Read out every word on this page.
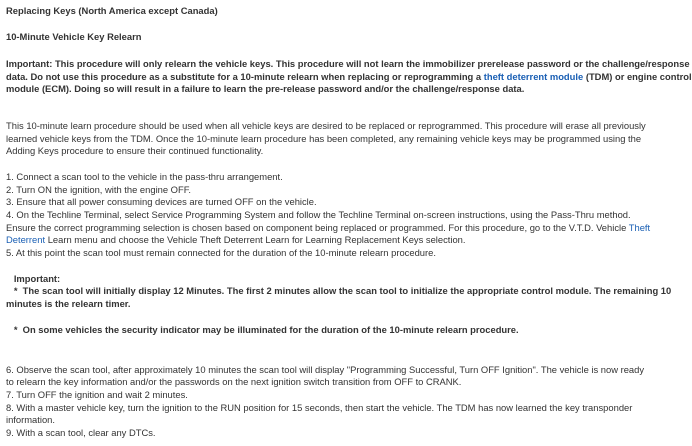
Replacing Keys (North America except Canada)
10-Minute Vehicle Key Relearn
Important: This procedure will only relearn the vehicle keys. This procedure will not learn the immobilizer prerelease password or the challenge/response
data. Do not use this procedure as a substitute for a 10-minute relearn when replacing or reprogramming a theft deterrent module (TDM) or engine control
module (ECM). Doing so will result in a failure to learn the pre-release password and/or the challenge/response data.
This 10-minute learn procedure should be used when all vehicle keys are desired to be replaced or reprogrammed. This procedure will erase all previously
learned vehicle keys from the TDM. Once the 10-minute learn procedure has been completed, any remaining vehicle keys may be programmed using the
Adding Keys procedure to ensure their continued functionality.
1. Connect a scan tool to the vehicle in the pass-thru arrangement.
2. Turn ON the ignition, with the engine OFF.
3. Ensure that all power consuming devices are turned OFF on the vehicle.
4. On the Techline Terminal, select Service Programming System and follow the Techline Terminal on-screen instructions, using the Pass-Thru method.
Ensure the correct programming selection is chosen based on component being replaced or programmed. For this procedure, go to the V.T.D. Vehicle Theft
Deterrent Learn menu and choose the Vehicle Theft Deterrent Learn for Learning Replacement Keys selection.
5. At this point the scan tool must remain connected for the duration of the 10-minute relearn procedure.
Important:
*  The scan tool will initially display 12 Minutes. The first 2 minutes allow the scan tool to initialize the appropriate control module. The remaining 10
minutes is the relearn timer.
*  On some vehicles the security indicator may be illuminated for the duration of the 10-minute relearn procedure.
6. Observe the scan tool, after approximately 10 minutes the scan tool will display "Programming Successful, Turn OFF Ignition". The vehicle is now ready
to relearn the key information and/or the passwords on the next ignition switch transition from OFF to CRANK.
7. Turn OFF the ignition and wait 2 minutes.
8. With a master vehicle key, turn the ignition to the RUN position for 15 seconds, then start the vehicle. The TDM has now learned the key transponder
information.
9. With a scan tool, clear any DTCs.
